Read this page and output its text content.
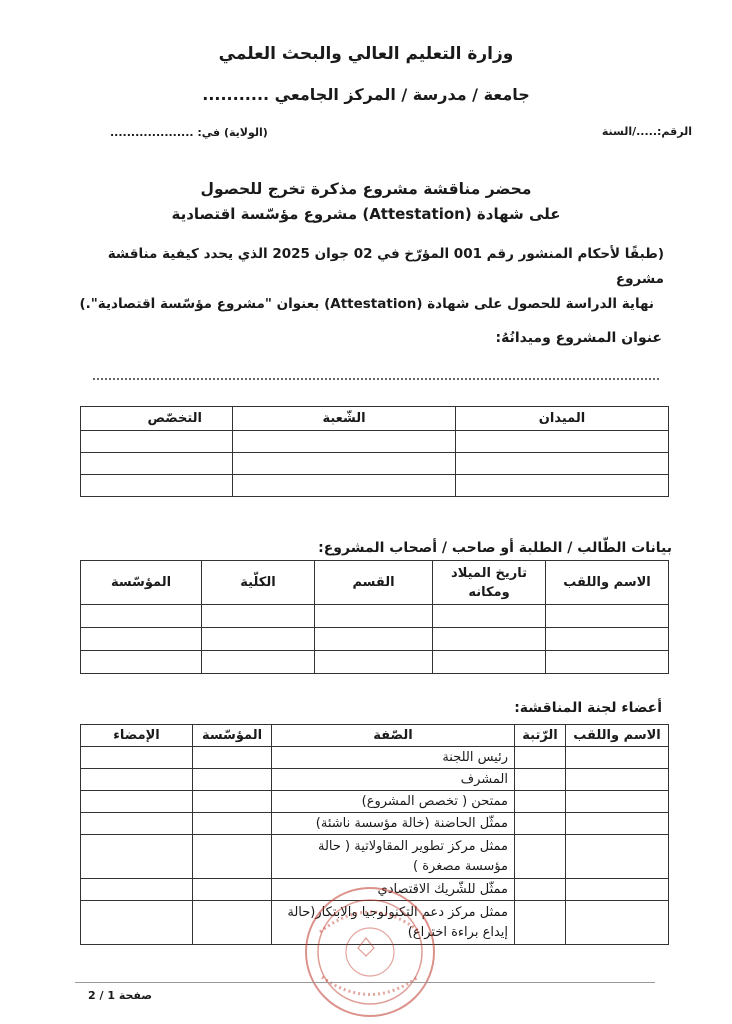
وزارة التعليم العالي والبحث العلمي
جامعة / مدرسة / المركز الجامعي ...........
الرقم:...../السنة
(الولاية) في: ....................
محضر مناقشة مشروع مذكرة تخرج للحصول
على شهادة (Attestation) مشروع مؤسّسة اقتصادية
(طبقًا لأحكام المنشور رقم 001 المؤرّخ في 02 جوان 2025 الذي يحدد كيفية مناقشة مشروع
نهاية الدراسة للحصول على شهادة (Attestation) بعنوان "مشروع مؤسّسة اقتصادية".)
عنوان المشروع وميدانُهُ:
الميدان	الشّعبة	التخصّص

بيانات الطّالب / الطلبة أو صاحب / أصحاب المشروع:
الاسم واللقب	تاريخ الميلاد ومكانه	القسم	الكلّية	المؤسّسة

أعضاء لجنة المناقشة:
الاسم واللقب	الرّتبة	الصّفة	المؤسّسة	الإمضاء
		رئيس اللجنة		
		المشرف		
		ممتحن ( تخصص المشروع)		
		ممثّل الحاضنة (خالة مؤسسة ناشئة)		
		ممثل مركز تطوير المقاولاتية ( حالة مؤسسة مصغرة )		
		ممثّل للشّريك الاقتصادي		
		ممثل مركز دعم التكنولوجيا والابتكار(حالة إيداع براءة اختراع)		
صفحة 1 / 2
